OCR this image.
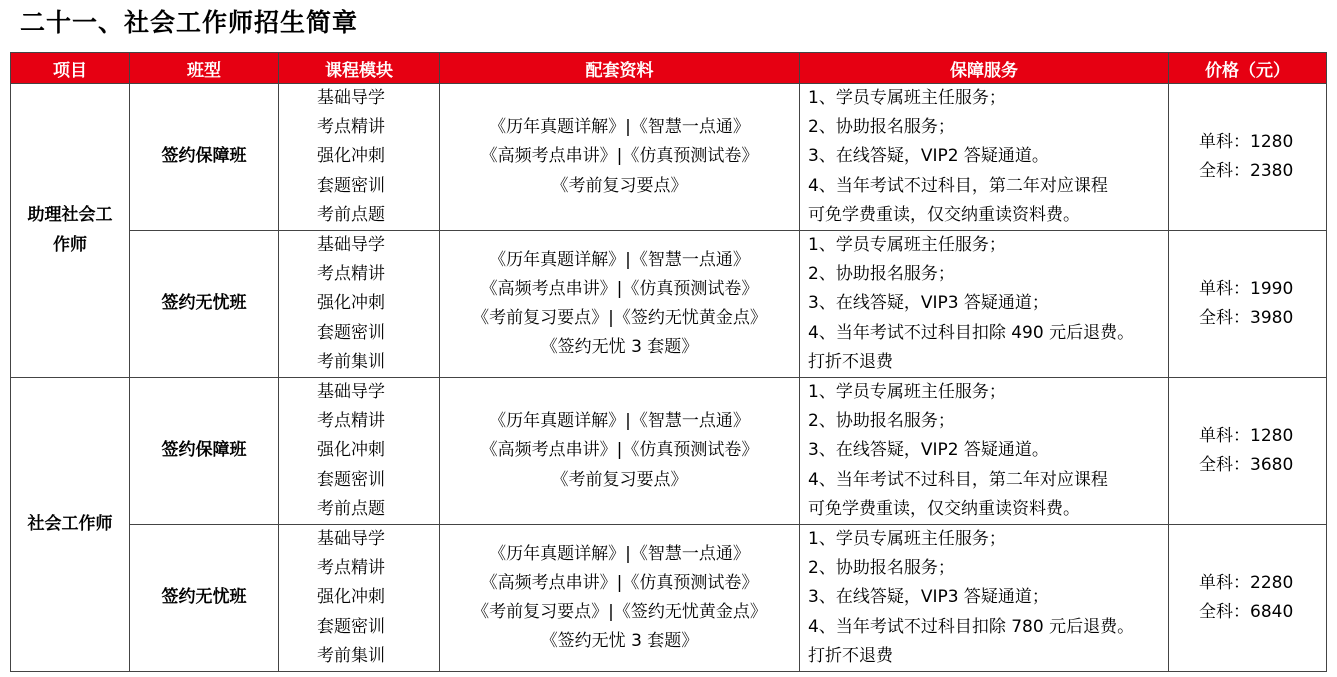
二十一、社会工作师招生简章
项目	班型	课程模块	配套资料	保障服务	价格（元）

助理社会工
作师	签约保障班	基础导学
考点精讲
强化冲刺
套题密训
考前点题	《历年真题详解》|《智慧一点通》
《高频考点串讲》|《仿真预测试卷》
《考前复习要点》	1、学员专属班主任服务；
2、协助报名服务；
3、在线答疑，VIP2 答疑通道。
4、当年考试不过科目，第二年对应课程
可免学费重读，仅交纳重读资料费。	单科：1280
全科：2380

	签约无忧班	基础导学
考点精讲
强化冲刺
套题密训
考前集训	《历年真题详解》|《智慧一点通》
《高频考点串讲》|《仿真预测试卷》
《考前复习要点》|《签约无忧黄金点》
《签约无忧 3 套题》	1、学员专属班主任服务；
2、协助报名服务；
3、在线答疑，VIP3 答疑通道；
4、当年考试不过科目扣除 490 元后退费。
打折不退费	单科：1990
全科：3980

社会工作师	签约保障班	基础导学
考点精讲
强化冲刺
套题密训
考前点题	《历年真题详解》|《智慧一点通》
《高频考点串讲》|《仿真预测试卷》
《考前复习要点》	1、学员专属班主任服务；
2、协助报名服务；
3、在线答疑，VIP2 答疑通道。
4、当年考试不过科目，第二年对应课程
可免学费重读，仅交纳重读资料费。	单科：1280
全科：3680

	签约无忧班	基础导学
考点精讲
强化冲刺
套题密训
考前集训	《历年真题详解》|《智慧一点通》
《高频考点串讲》|《仿真预测试卷》
《考前复习要点》|《签约无忧黄金点》
《签约无忧 3 套题》	1、学员专属班主任服务；
2、协助报名服务；
3、在线答疑，VIP3 答疑通道；
4、当年考试不过科目扣除 780 元后退费。
打折不退费	单科：2280
全科：6840
